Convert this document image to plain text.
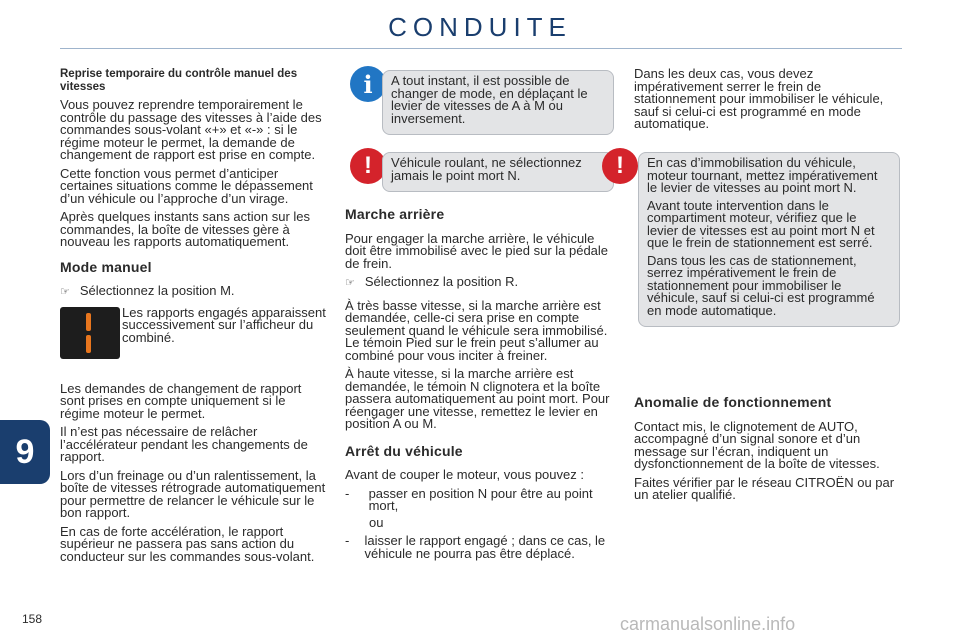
CONDUITE
9
158
Reprise temporaire du contrôle manuel des vitesses

Vous pouvez reprendre temporairement le contrôle du passage des vitesses à l’aide des commandes sous-volant «+» et «-» : si le régime moteur le permet, la demande de changement de rapport est prise en compte.

Cette fonction vous permet d’anticiper certaines situations comme le dépassement d’un véhicule ou l’approche d’un virage.

Après quelques instants sans action sur les commandes, la boîte de vitesses gère à nouveau les rapports automatiquement.

Mode manuel
☞ Sélectionnez la position M.

Les rapports engagés apparaissent successivement sur l’afficheur du combiné.

Les demandes de changement de rapport sont prises en compte uniquement si le régime moteur le permet.

Il n’est pas nécessaire de relâcher l’accélérateur pendant les changements de rapport.

Lors d’un freinage ou d’un ralentissement, la boîte de vitesses rétrograde automatiquement pour permettre de relancer le véhicule sur le bon rapport.

En cas de forte accélération, le rapport supérieur ne passera pas sans action du conducteur sur les commandes sous-volant.

i	A tout instant, il est possible de changer de mode, en déplaçant le levier de vitesses de A à M ou inversement.

!	Véhicule roulant, ne sélectionnez jamais le point mort N.

Marche arrière

Pour engager la marche arrière, le véhicule doit être immobilisé avec le pied sur la pédale de frein.

☞ Sélectionnez la position R.

À très basse vitesse, si la marche arrière est demandée, celle-ci sera prise en compte seulement quand le véhicule sera immobilisé. Le témoin Pied sur le frein peut s’allumer au combiné pour vous inciter à freiner.

À haute vitesse, si la marche arrière est demandée, le témoin N clignotera et la boîte passera automatiquement au point mort. Pour réengager une vitesse, remettez le levier en position A ou M.

Arrêt du véhicule

Avant de couper le moteur, vous pouvez :

-	passer en position N pour être au point mort,

ou

- laisser le rapport engagé ; dans ce cas, le véhicule ne pourra pas être déplacé.

Dans les deux cas, vous devez impérativement serrer le frein de stationnement pour immobiliser le véhicule, sauf si celui-ci est programmé en mode automatique.

!	En cas d’immobilisation du véhicule, moteur tournant, mettez impérativement le levier de vitesses au point mort N.

Avant toute intervention dans le compartiment moteur, vérifiez que le levier de vitesses est au point mort N et que le frein de stationnement est serré.

Dans tous les cas de stationnement, serrez impérativement le frein de stationnement pour immobiliser le véhicule, sauf si celui-ci est programmé en mode automatique.

Anomalie de fonctionnement

Contact mis, le clignotement de AUTO, accompagné d’un signal sonore et d’un message sur l’écran, indiquent un dysfonctionnement de la boîte de vitesses.

Faites vérifier par le réseau CITROËN ou par un atelier qualifié.

carmanualsonline.info
